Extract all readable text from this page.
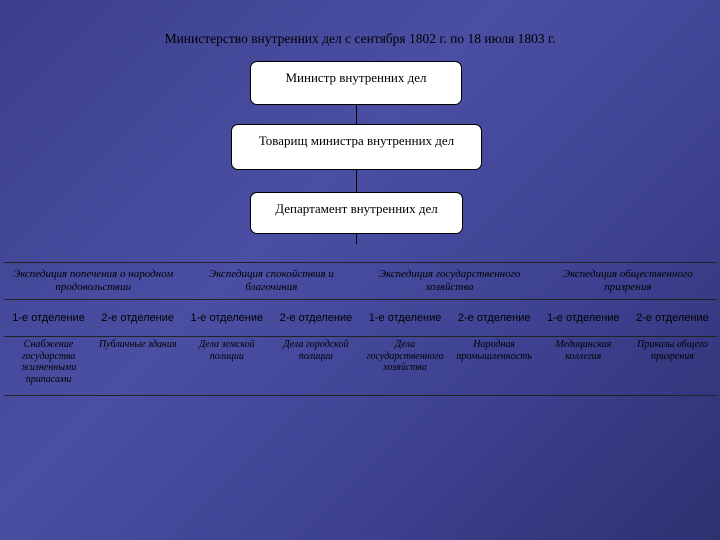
Министерство внутренних дел с сентября 1802 г. по 18 июля 1803 г.
Министр внутренних дел
Товарищ министра внутренних дел
Департамент внутренних дел
Экспедиция попечения о народном продовольствии		Экспедиция спокойствия и благочиния		Экспедиция государственного хозяйства		Экспедиция общественного призрения	
1-е отделение	2-е отделение	1-е отделение	2-е отделение	1-е отделение	2-е отделение	1-е отделение	2-е отделение
Снабжение государства жизненными припасами	Публичные здания	Дела земской полиции	Дела городской полиции	Дела государственного хозяйства	Народная промышленность	Медицинская коллегия	Приказы общего призрения
